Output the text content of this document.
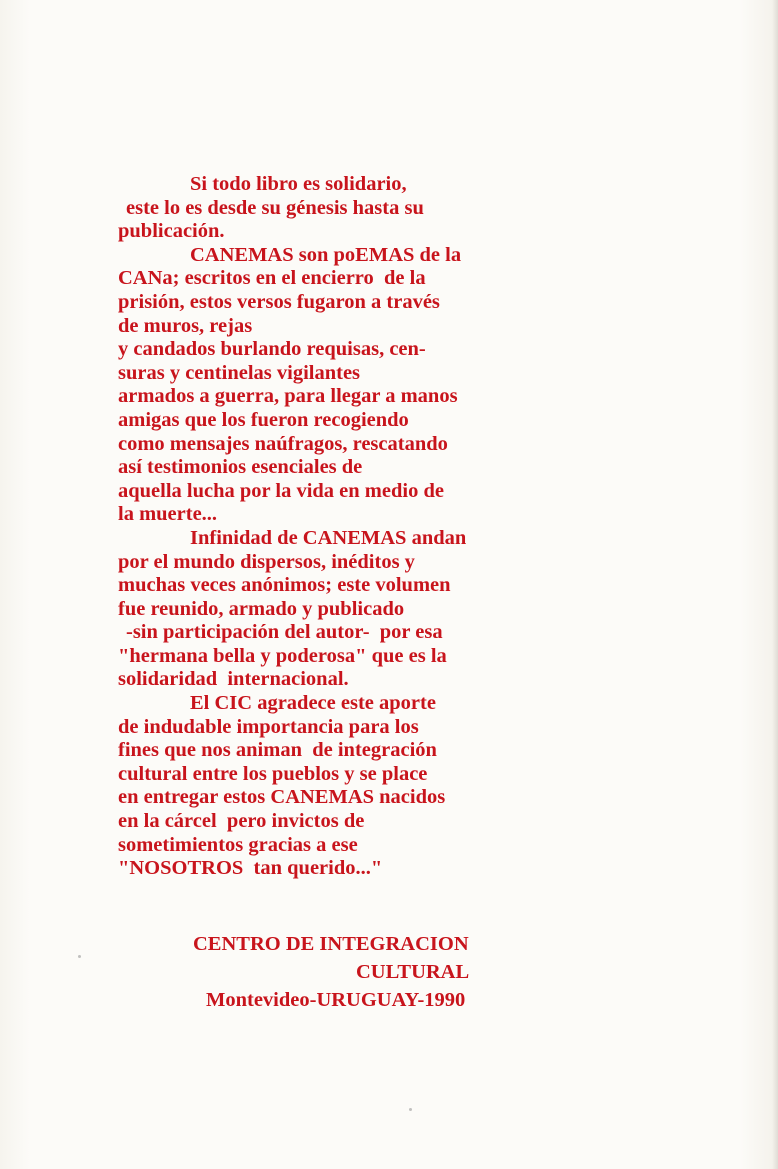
Si todo libro es solidario,
este lo es desde su génesis hasta su
publicación.
CANEMAS son poEMAS de la
CANa; escritos en el encierro  de la
prisión, estos versos fugaron a través
de muros, rejas
y candados burlando requisas, cen-
suras y centinelas vigilantes
armados a guerra, para llegar a manos
amigas que los fueron recogiendo
como mensajes naúfragos, rescatando
así testimonios esenciales de
aquella lucha por la vida en medio de
la muerte...
Infinidad de CANEMAS andan
por el mundo dispersos, inéditos y
muchas veces anónimos; este volumen
fue reunido, armado y publicado
-sin participación del autor-  por esa
"hermana bella y poderosa" que es la
solidaridad  internacional.
El CIC agradece este aporte
de indudable importancia para los
fines que nos animan  de integración
cultural entre los pueblos y se place
en entregar estos CANEMAS nacidos
en la cárcel  pero invictos de
sometimientos gracias a ese
"NOSOTROS  tan querido..."
CENTRO DE INTEGRACION
CULTURAL
Montevideo-URUGUAY-1990
